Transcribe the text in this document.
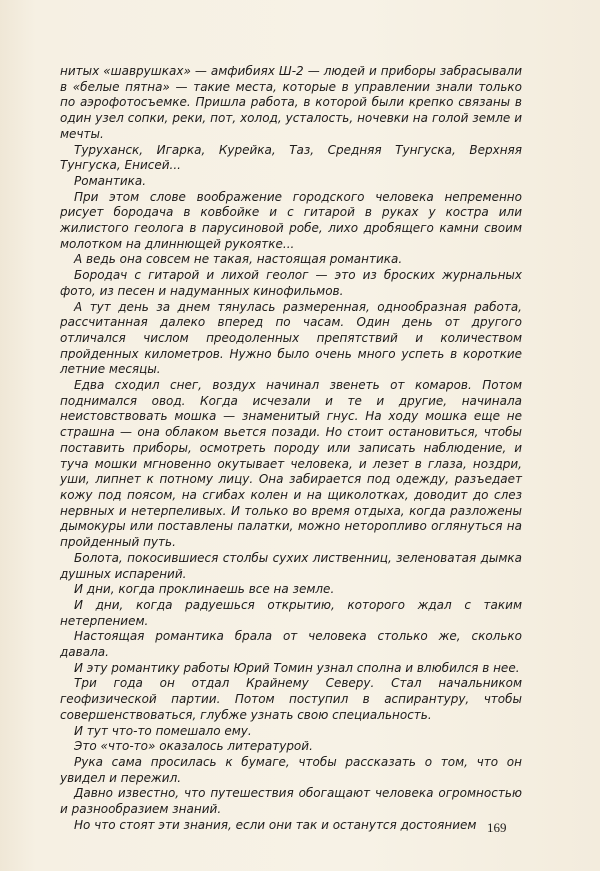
нитых «шаврушках» — амфибиях Ш-2 — людей и приборы забрасывали в «белые пятна» — такие места, которые в управлении знали только по аэрофотосъемке. Пришла работа, в которой были крепко связаны в один узел сопки, реки, пот, холод, усталость, ночевки на голой земле и мечты.

Туруханск, Игарка, Курейка, Таз, Средняя Тунгуска, Верхняя Тунгуска, Енисей...

Романтика.

При этом слове воображение городского человека непременно рисует бородача в ковбойке и с гитарой в руках у костра или жилистого геолога в парусиновой робе, лихо дробящего камни своим молотком на длиннющей рукоятке...

А ведь она совсем не такая, настоящая романтика.

Бородач с гитарой и лихой геолог — это из броских журнальных фото, из песен и надуманных кинофильмов.

А тут день за днем тянулась размеренная, однообразная работа, рассчитанная далеко вперед по часам. Один день от другого отличался числом преодоленных препятствий и количеством пройденных километров. Нужно было очень много успеть в короткие летние месяцы.

Едва сходил снег, воздух начинал звенеть от комаров. Потом поднимался овод. Когда исчезали и те и другие, начинала неистовствовать мошка — знаменитый гнус. На ходу мошка еще не страшна — она облаком вьется позади. Но стоит остановиться, чтобы поставить приборы, осмотреть породу или записать наблюдение, и туча мошки мгновенно окутывает человека, и лезет в глаза, ноздри, уши, липнет к потному лицу. Она забирается под одежду, разъедает кожу под поясом, на сгибах колен и на щиколотках, доводит до слез нервных и нетерпеливых. И только во время отдыха, когда разложены дымокуры или поставлены палатки, можно неторопливо оглянуться на пройденный путь.

Болота, покосившиеся столбы сухих лиственниц, зеленоватая дымка душных испарений.

И дни, когда проклинаешь все на земле.

И дни, когда радуешься открытию, которого ждал с таким нетерпением.

Настоящая романтика брала от человека столько же, сколько давала.

И эту романтику работы Юрий Томин узнал сполна и влюбился в нее.

Три года он отдал Крайнему Северу. Стал начальником геофизической партии. Потом поступил в аспирантуру, чтобы совершенствоваться, глубже узнать свою специальность.

И тут что-то помешало ему.

Это «что-то» оказалось литературой.

Рука сама просилась к бумаге, чтобы рассказать о том, что он увидел и пережил.

Давно известно, что путешествия обогащают человека огромностью и разнообразием знаний.

Но что стоят эти знания, если они так и останутся достоянием 169
